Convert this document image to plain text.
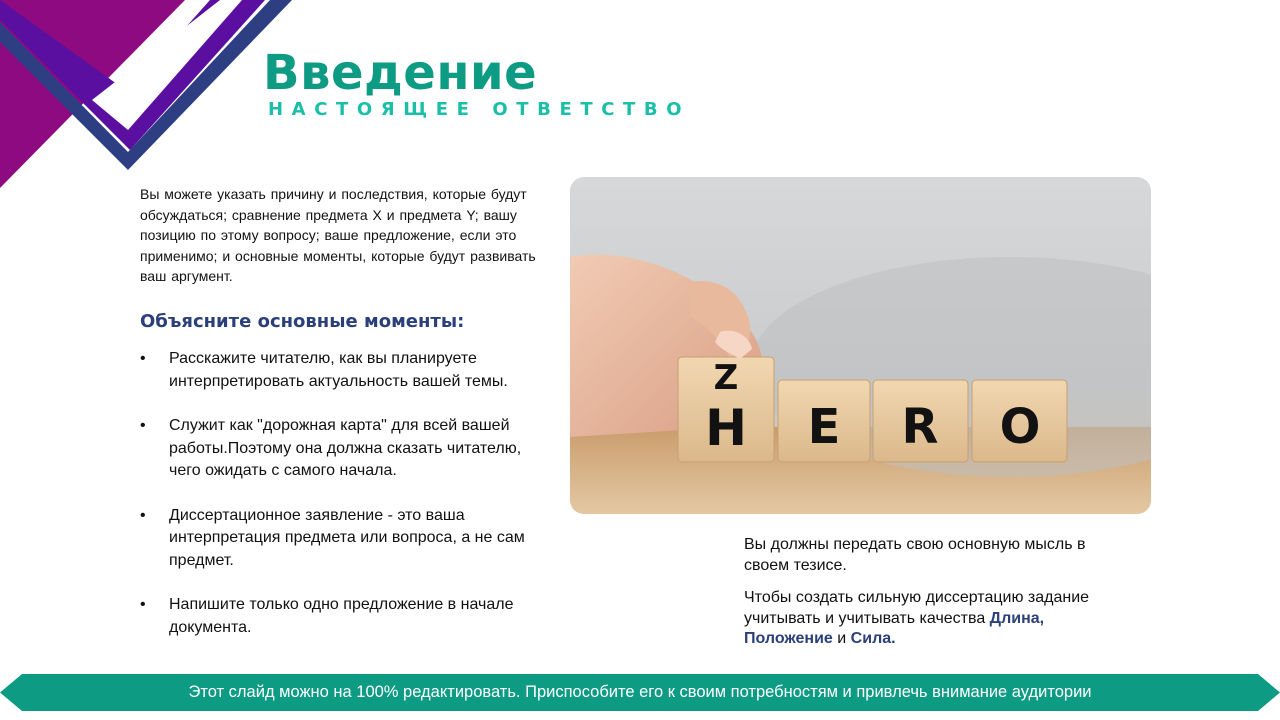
Введение
НАСТОЯЩЕЕ ОТВЕТСТВО

Вы можете указать причину и последствия, которые будут обсуждаться; сравнение предмета X и предмета Y; вашу позицию по этому вопросу; ваше предложение, если это применимо; и основные моменты, которые будут развивать ваш аргумент.

Объясните основные моменты:
• Расскажите читателю, как вы планируете интерпретировать актуальность вашей темы.
• Служит как "дорожная карта" для всей вашей работы.Поэтому она должна сказать читателю, чего ожидать с самого начала.
• Диссертационное заявление - это ваша интерпретация предмета или вопроса, а не сам предмет.
• Напишите только одно предложение в начале документа.
Z
H E R O

Вы должны передать свою основную мысль в своем тезисе.

Чтобы создать сильную диссертацию задание учитывать и учитывать качества Длина, Положение и Сила.

Этот слайд можно на 100% редактировать. Приспособите его к своим потребностям и привлечь внимание аудитории
